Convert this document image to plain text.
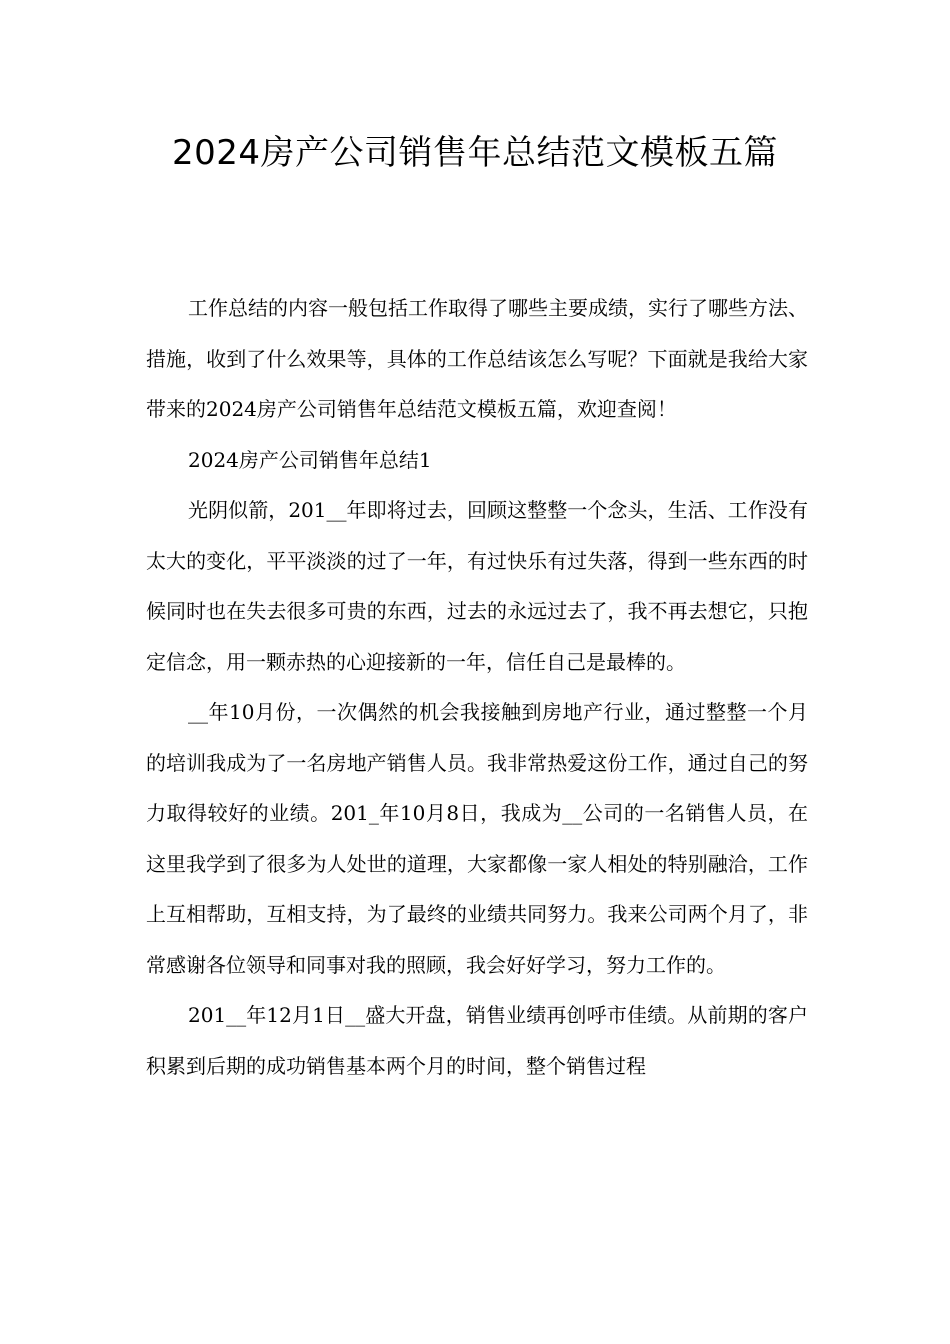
2024房产公司销售年总结范文模板五篇

工作总结的内容一般包括工作取得了哪些主要成绩，实行了哪些方法、措施，收到了什么效果等，具体的工作总结该怎么写呢？下面就是我给大家带来的2024房产公司销售年总结范文模板五篇，欢迎查阅！

2024房产公司销售年总结1

光阴似箭，201__年即将过去，回顾这整整一个念头，生活、工作没有太大的变化，平平淡淡的过了一年，有过快乐有过失落，得到一些东西的时候同时也在失去很多可贵的东西，过去的永远过去了，我不再去想它，只抱定信念，用一颗赤热的心迎接新的一年，信任自己是最棒的。

__年10月份，一次偶然的机会我接触到房地产行业，通过整整一个月的培训我成为了一名房地产销售人员。我非常热爱这份工作，通过自己的努力取得较好的业绩。201_年10月8日，我成为__公司的一名销售人员，在这里我学到了很多为人处世的道理，大家都像一家人相处的特别融洽，工作上互相帮助，互相支持，为了最终的业绩共同努力。我来公司两个月了，非常感谢各位领导和同事对我的照顾，我会好好学习，努力工作的。

201__年12月1日__盛大开盘，销售业绩再创呼市佳绩。从前期的客户积累到后期的成功销售基本两个月的时间，整个销售过程
